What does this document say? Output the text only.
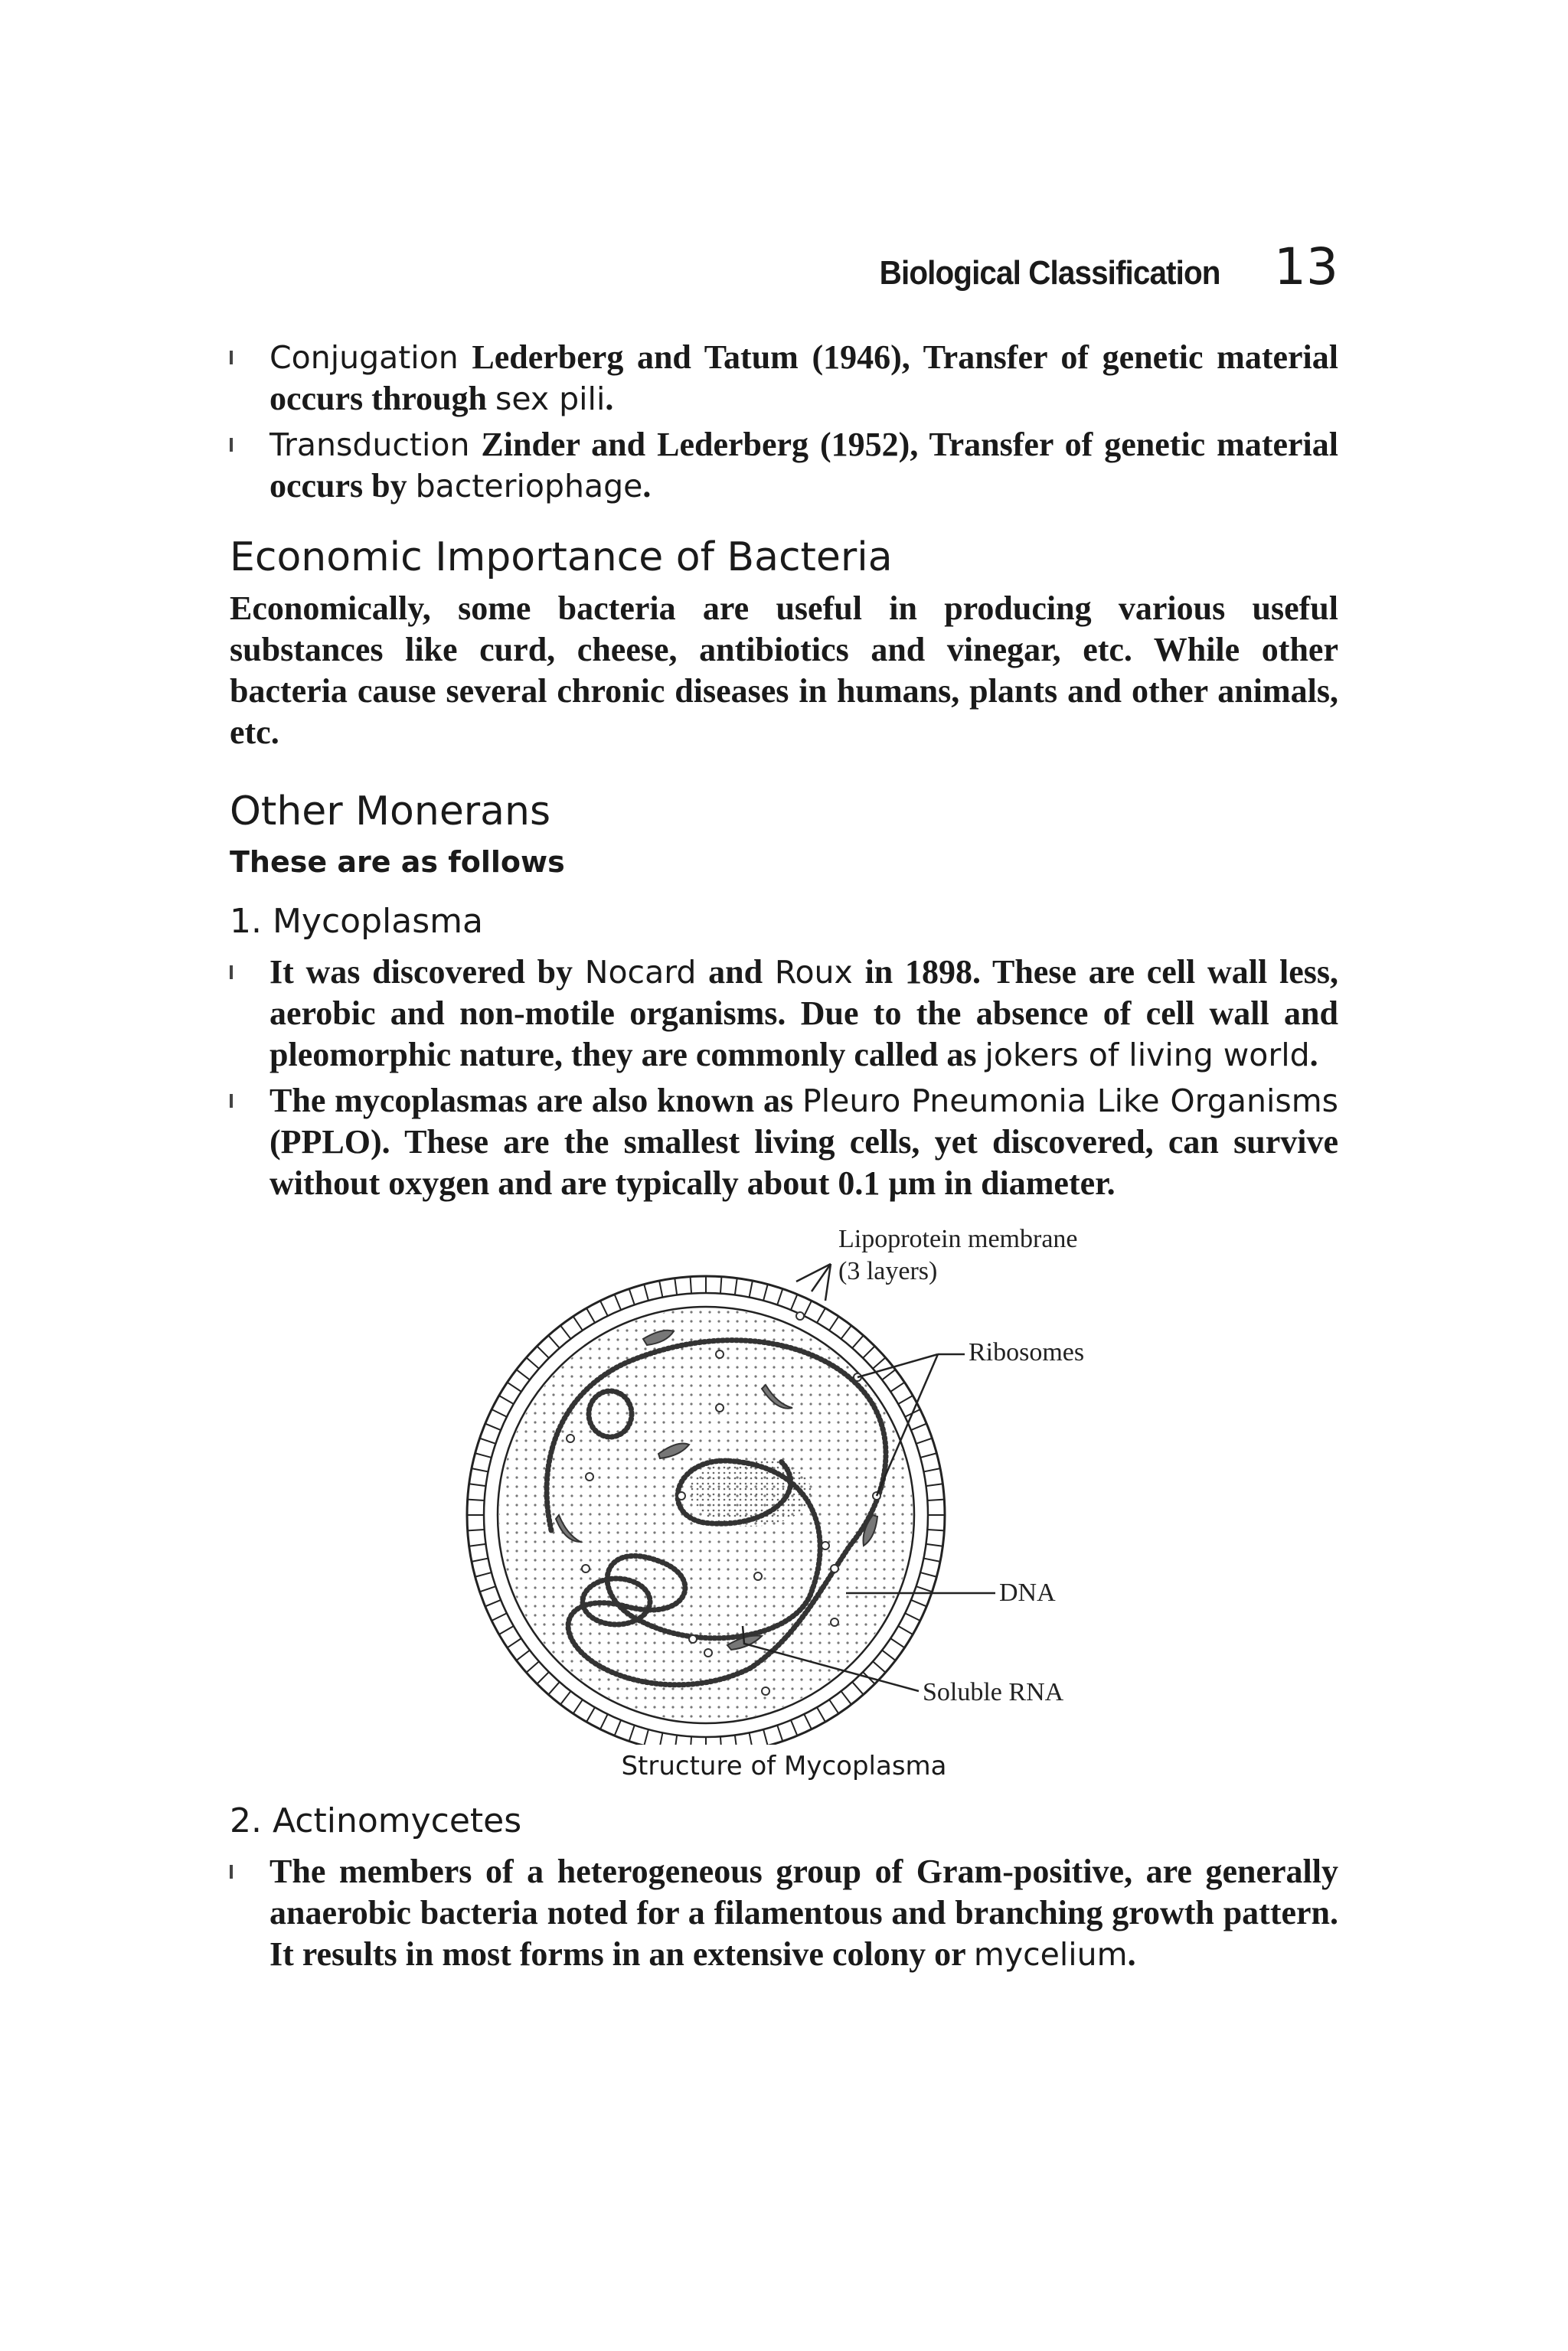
Biological Classification 13
Conjugation Lederberg and Tatum (1946), Transfer of genetic material occurs through sex pili.
Transduction Zinder and Lederberg (1952), Transfer of genetic material occurs by bacteriophage.
Economic Importance of Bacteria

Economically, some bacteria are useful in producing various useful substances like curd, cheese, antibiotics and vinegar, etc. While other bacteria cause several chronic diseases in humans, plants and other animals, etc.

Other Monerans

These are as follows

1. Mycoplasma
It was discovered by Nocard and Roux in 1898. These are cell wall less, aerobic and non-motile organisms. Due to the absence of cell wall and pleomorphic nature, they are commonly called as jokers of living world.
The mycoplasmas are also known as Pleuro Pneumonia Like Organisms (PPLO). These are the smallest living cells, yet discovered, can survive without oxygen and are typically about 0.1 µm in diameter.
Lipoprotein membrane
(3 layers)
Ribosomes
DNA
Soluble RNA
Structure of Mycoplasma
2. Actinomycetes
The members of a heterogeneous group of Gram-positive, are generally anaerobic bacteria noted for a filamentous and branching growth pattern. It results in most forms in an extensive colony or mycelium.
